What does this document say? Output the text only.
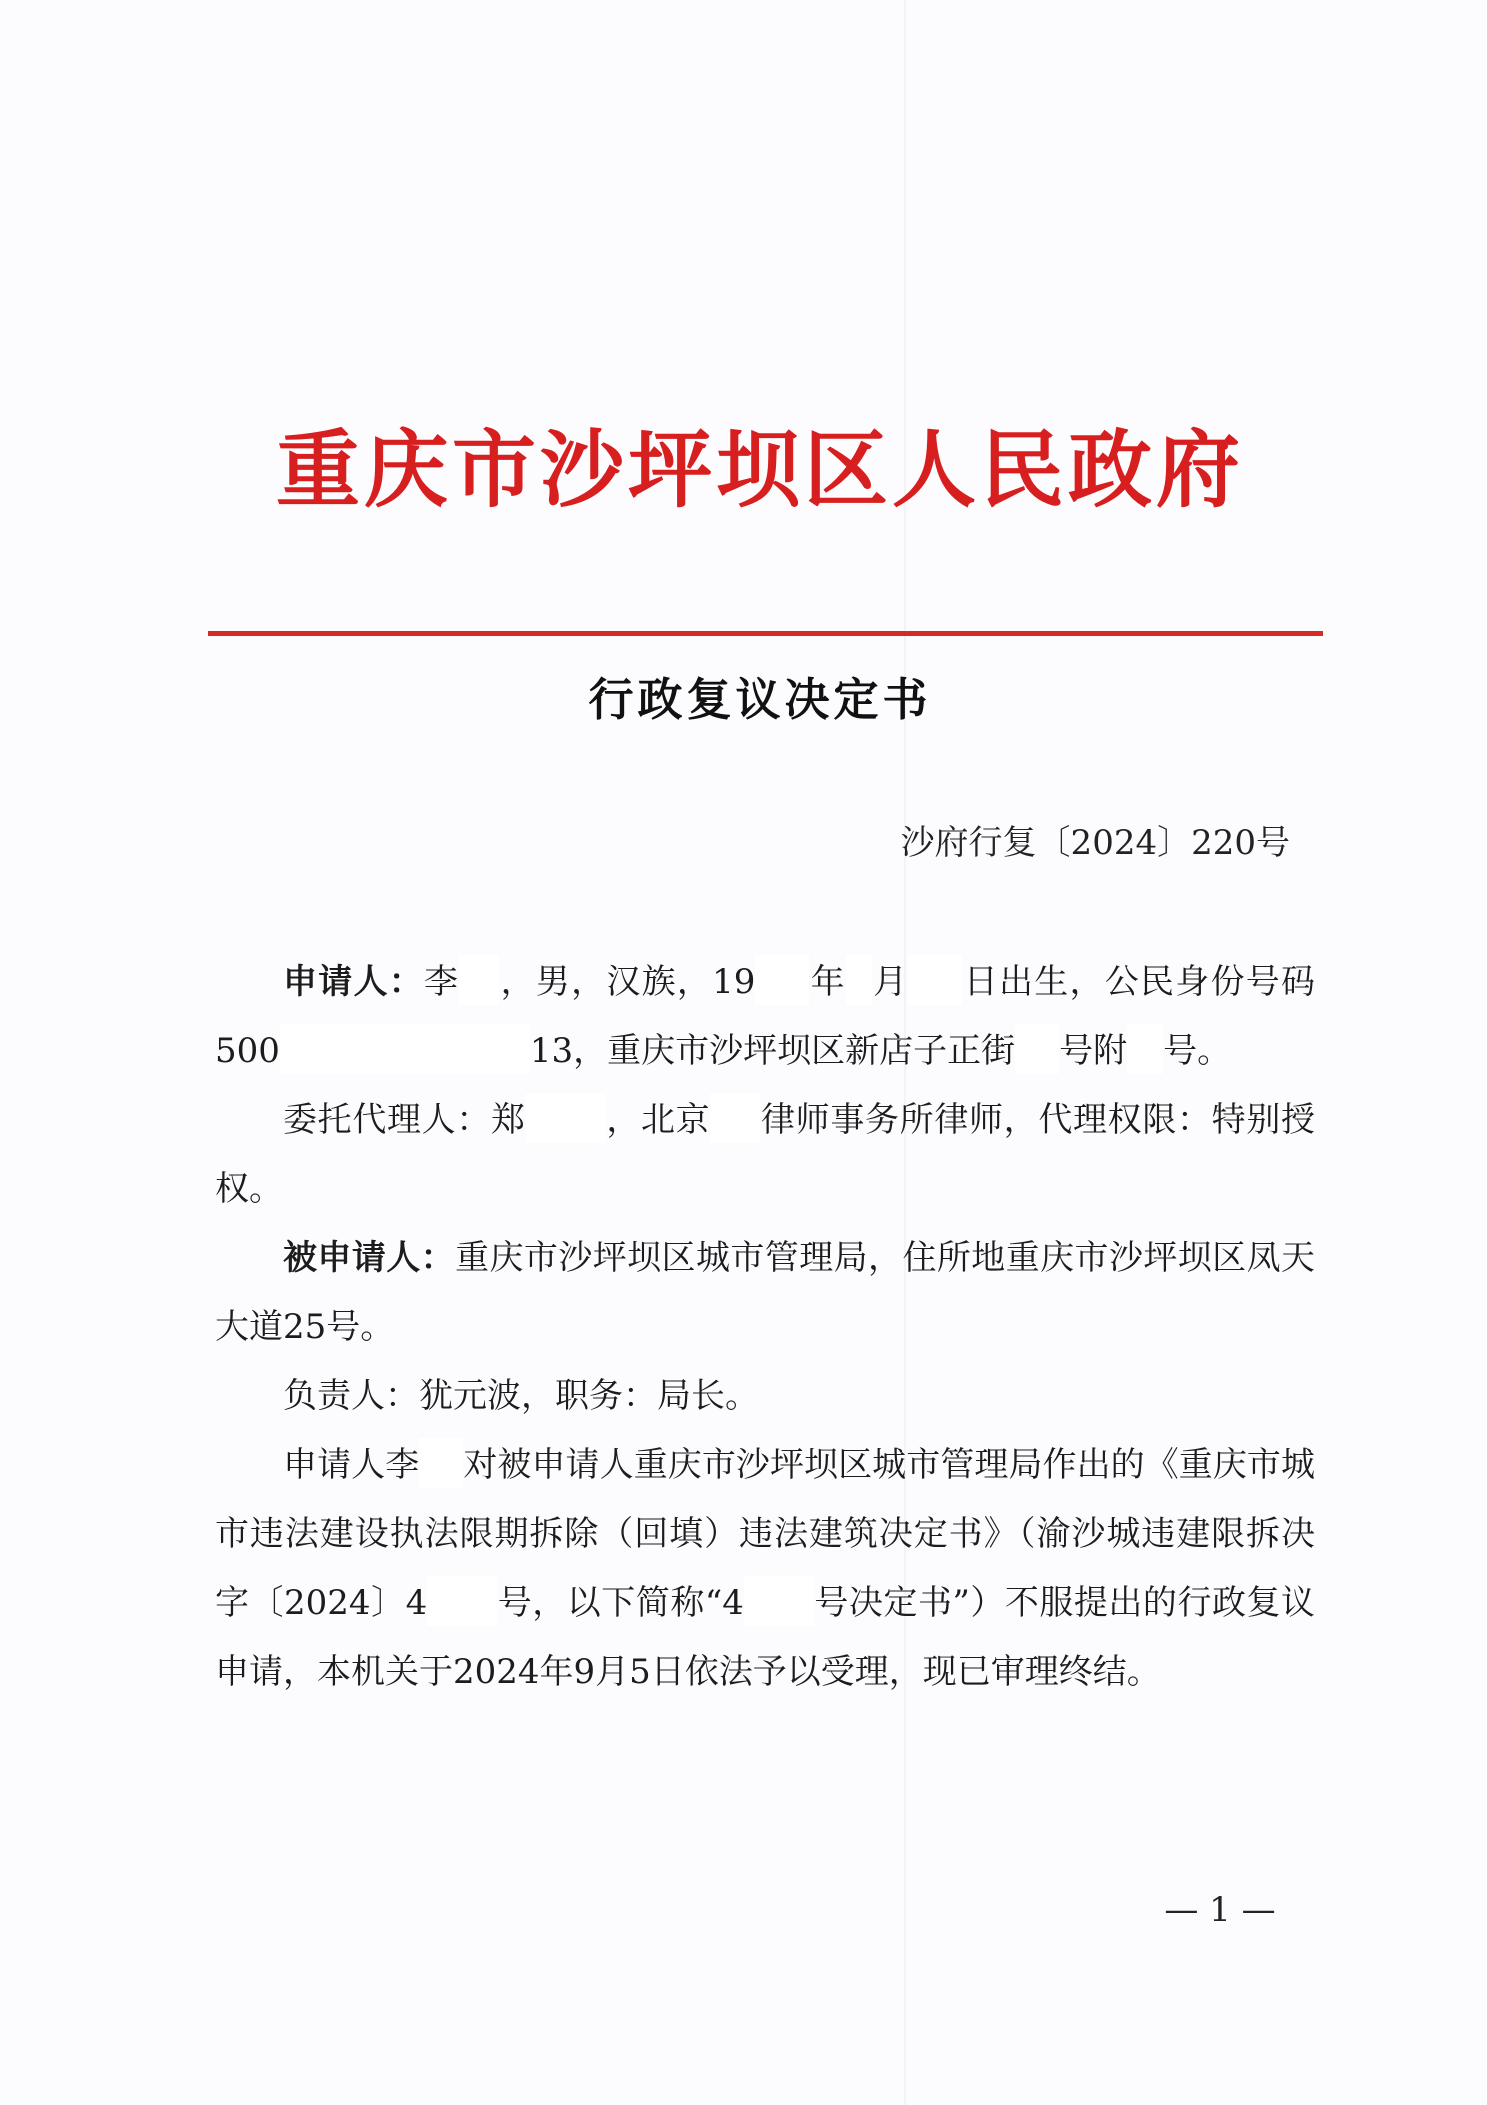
重庆市沙坪坝区人民政府
行政复议决定书
沙府行复〔2024〕220号

申请人：李 ，男，汉族，19 年 月 日出生，公民身份号码500	13，重庆市沙坪坝区新店子正街 号附 号。

委托代理人：郑 ，北京 律师事务所律师，代理权限：特别授权。

被申请人：重庆市沙坪坝区城市管理局，住所地重庆市沙坪坝区凤天大道25号。

负责人：犹元波，职务：局长。

申请人李 对被申请人重庆市沙坪坝区城市管理局作出的《重庆市城市违法建设执法限期拆除（回填）违法建筑决定书》（渝沙城违建限拆决字〔2024〕4 号，以下简称“4 号决定书”）不服提出的行政复议申请，本机关于2024年9月5日依法予以受理，现已审理终结。

— 1 —
